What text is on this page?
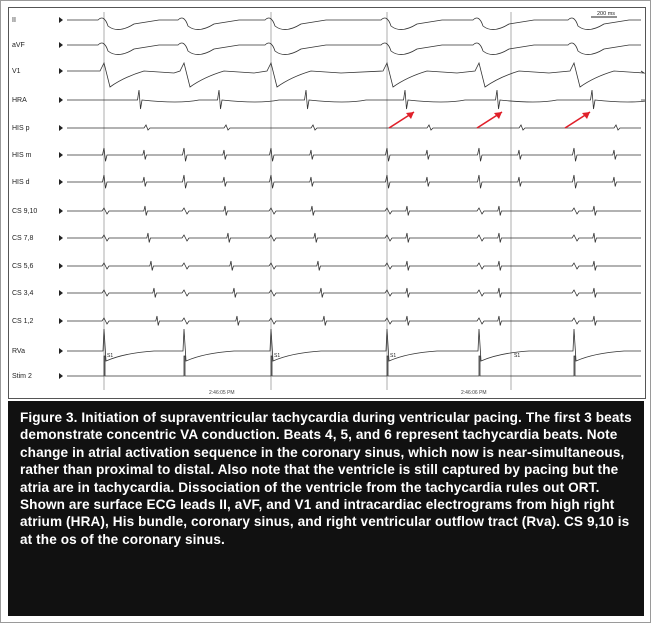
200 ms
II
aVF
V1
HRA
HIS p
HIS m
HIS d
CS 9,10
CS 7,8
CS 5,6
CS 3,4
CS 1,2
RVa
Stim 2
S1	S1	S1	S1
2:46:05 PM	2:46:06 PM
Figure 3. Initiation of supraventricular tachycardia during ventricular pacing. The first 3 beats demonstrate concentric VA conduction. Beats 4, 5, and 6 represent tachycardia beats. Note change in atrial activation sequence in the coronary sinus, which now is near-simultaneous, rather than proximal to distal. Also note that the ventricle is still captured by pacing but the atria are in tachycardia. Dissociation of the ventricle from the tachycardia rules out ORT. Shown are surface ECG leads II, aVF, and V1 and intracardiac electrograms from high right atrium (HRA), His bundle, coronary sinus, and right ventricular outflow tract (Rva). CS 9,10 is at the os of the coronary sinus.
